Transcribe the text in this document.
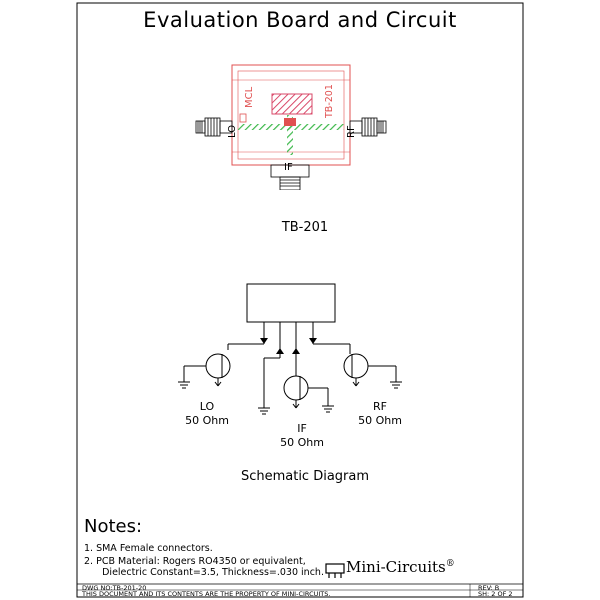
Evaluation Board and Circuit
MCL	TB-201
LO	RF
IF
TB-201
LO
50 Ohm
IF
50 Ohm
RF
50 Ohm
Schematic Diagram
Notes:
1. SMA Female connectors.
2. PCB Material: Rogers RO4350 or equivalent,
Dielectric Constant=3.5, Thickness=.030 inch. Mini-Circuits®
DWG NO:TB-201-20
THIS DOCUMENT AND ITS CONTENTS ARE THE PROPERTY OF MINI-CIRCUITS.
REV: B
SH: 2 OF 2
